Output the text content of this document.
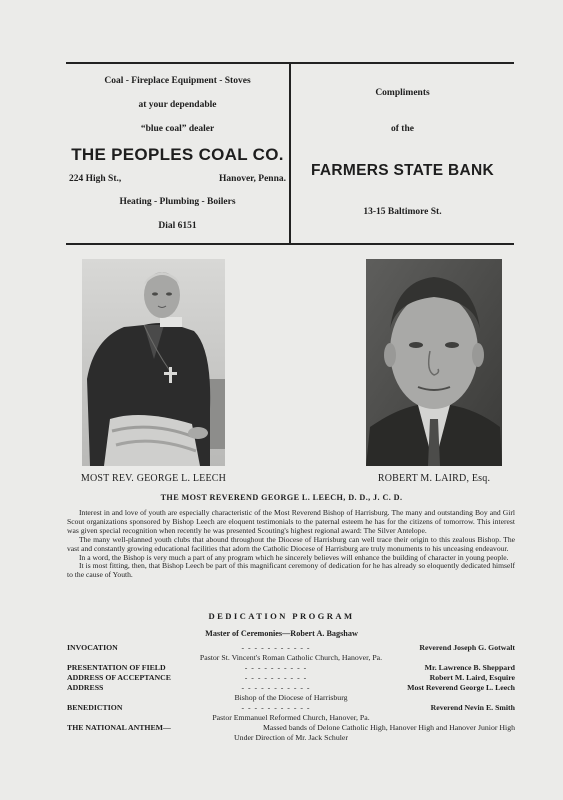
Coal - Fireplace Equipment - Stoves
at your dependable
“blue coal” dealer
THE PEOPLES COAL CO.
224 High St.,	Hanover, Penna.
Heating - Plumbing - Boilers
Dial 6151
Compliments
of the
FARMERS STATE BANK
13-15 Baltimore St.
MOST REV. GEORGE L. LEECH	ROBERT M. LAIRD, Esq.
THE MOST REVEREND GEORGE L. LEECH, D. D., J. C. D.

Interest in and love of youth are especially characteristic of the Most Reverend Bishop of Harrisburg. The many and outstanding Boy and Girl Scout organizations sponsored by Bishop Leech are eloquent testimonials to the paternal esteem he has for the citizens of tomorrow. This interest was given special recognition when recently he was presented Scouting's highest regional award: The Silver Antelope.

The many well-planned youth clubs that abound throughout the Diocese of Harrisburg can well trace their origin to this zealous Bishop. The vast and constantly growing educational facilities that adorn the Catholic Diocese of Harrisburg are truly monuments to his unceasing endeavour.

In a word, the Bishop is very much a part of any program which he sincerely believes will enhance the building of character in young people.

It is most fitting, then, that Bishop Leech be part of this magnificant ceremony of dedication for he has already so eloquently dedicated himself to the cause of Youth.

DEDICATION PROGRAM
Master of Ceremonies—Robert A. Bagshaw
INVOCATION	- - - - - - - - - - -	Reverend Joseph G. Gotwalt
Pastor St. Vincent's Roman Catholic Church, Hanover, Pa.
PRESENTATION OF FIELD	- - - - - - - - - -	Mr. Lawrence B. Sheppard
ADDRESS OF ACCEPTANCE	- - - - - - - - - -	Robert M. Laird, Esquire
ADDRESS	- - - - - - - - - - -	Most Reverend George L. Leech
Bishop of the Diocese of Harrisburg
BENEDICTION	- - - - - - - - - - -	Reverend Nevin E. Smith
Pastor Emmanuel Reformed Church, Hanover, Pa.
THE NATIONAL ANTHEM—	Massed bands of Delone Catholic High, Hanover High and Hanover Junior High
Under Direction of Mr. Jack Schuler
